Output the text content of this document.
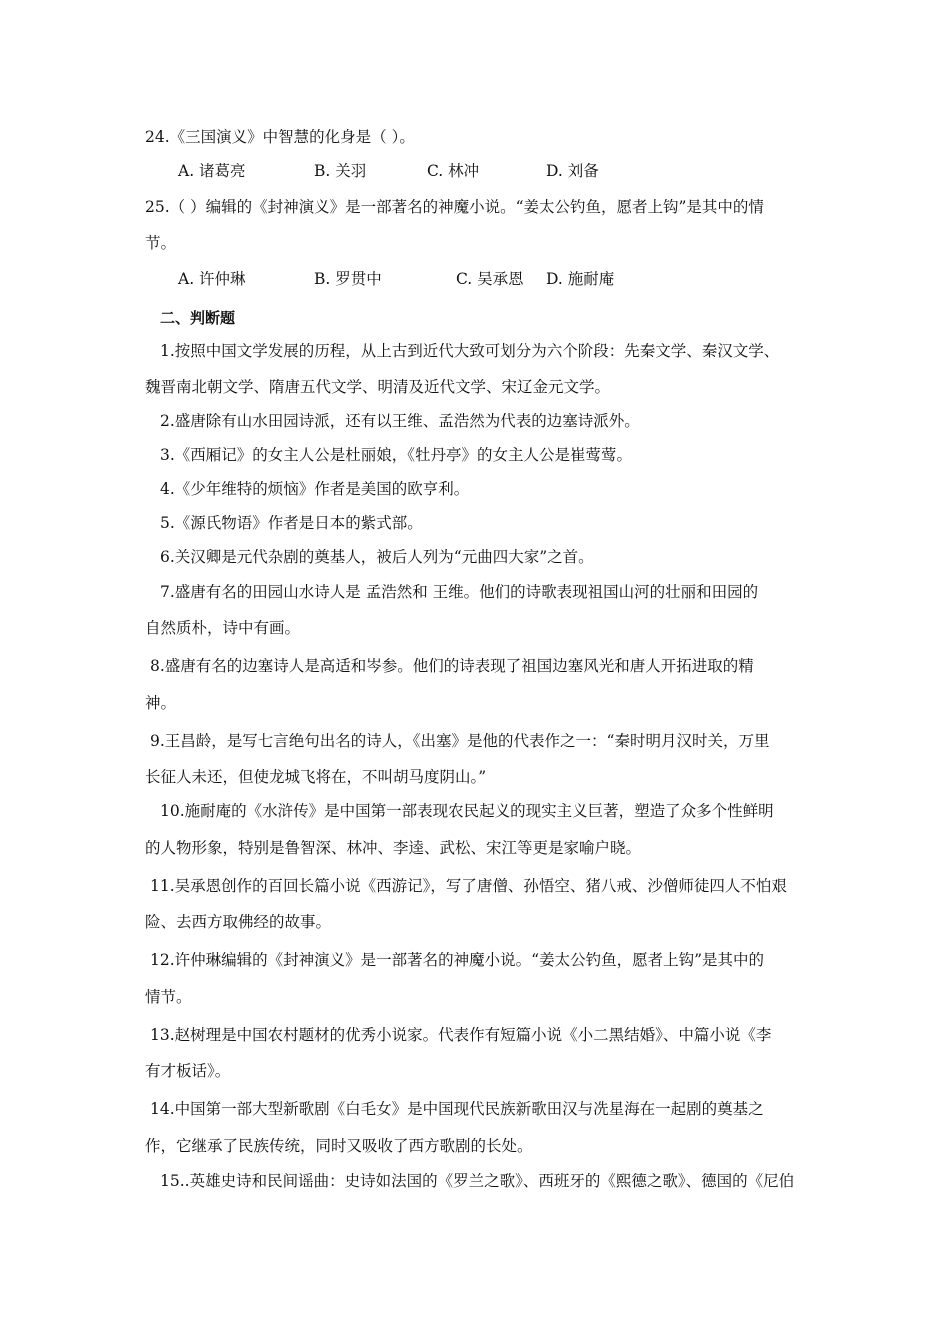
24.《三国演义》中智慧的化身是（ ）。
A. 诸葛亮	B. 关羽	C. 林冲	D. 刘备
25.（ ）编辑的《封神演义》是一部著名的神魔小说。“姜太公钓鱼，愿者上钩”是其中的情
节。
A. 许仲琳	B. 罗贯中	C. 吴承恩 D. 施耐庵
二、判断题
1.按照中国文学发展的历程，从上古到近代大致可划分为六个阶段：先秦文学、秦汉文学、
魏晋南北朝文学、隋唐五代文学、明清及近代文学、宋辽金元文学。
2.盛唐除有山水田园诗派，还有以王维、孟浩然为代表的边塞诗派外。
3.《西厢记》的女主人公是杜丽娘，《牡丹亭》的女主人公是崔莺莺。
4.《少年维特的烦恼》作者是美国的欧亨利。
5.《源氏物语》作者是日本的紫式部。
6.关汉卿是元代杂剧的奠基人，被后人列为“元曲四大家”之首。
7.盛唐有名的田园山水诗人是 孟浩然和 王维。他们的诗歌表现祖国山河的壮丽和田园的
自然质朴，诗中有画。
8.盛唐有名的边塞诗人是高适和岑参。他们的诗表现了祖国边塞风光和唐人开拓进取的精
神。
9.王昌龄，是写七言绝句出名的诗人，《出塞》是他的代表作之一：“秦时明月汉时关，万里
长征人未还，但使龙城飞将在，不叫胡马度阴山。”
10.施耐庵的《水浒传》是中国第一部表现农民起义的现实主义巨著，塑造了众多个性鲜明
的人物形象，特别是鲁智深、林冲、李逵、武松、宋江等更是家喻户晓。
11.吴承恩创作的百回长篇小说《西游记》，写了唐僧、孙悟空、猪八戒、沙僧师徒四人不怕艰
险、去西方取佛经的故事。
12.许仲琳编辑的《封神演义》是一部著名的神魔小说。“姜太公钓鱼，愿者上钩”是其中的
情节。
13.赵树理是中国农村题材的优秀小说家。代表作有短篇小说《小二黑结婚》、中篇小说《李
有才板话》。
14.中国第一部大型新歌剧《白毛女》是中国现代民族新歌田汉与冼星海在一起剧的奠基之
作，它继承了民族传统，同时又吸收了西方歌剧的长处。
15..英雄史诗和民间谣曲：史诗如法国的《罗兰之歌》、西班牙的《熙德之歌》、德国的《尼伯
